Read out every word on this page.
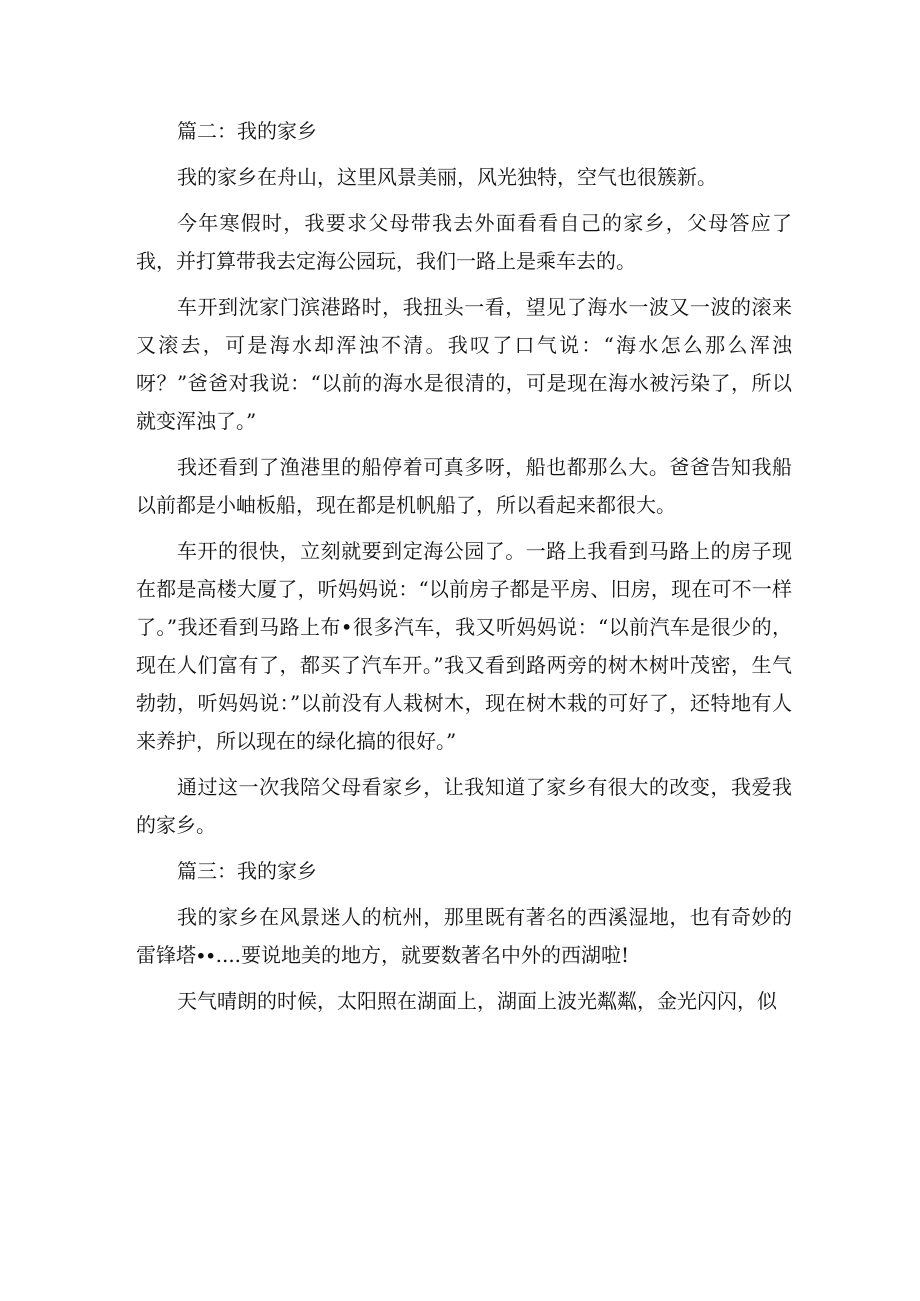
篇二：我的家乡

我的家乡在舟山，这里风景美丽，风光独特，空气也很簇新。

今年寒假时，我要求父母带我去外面看看自己的家乡，父母答应了我，并打算带我去定海公园玩，我们一路上是乘车去的。

车开到沈家门滨港路时，我扭头一看，望见了海水一波又一波的滚来又滚去，可是海水却浑浊不清。我叹了口气说：“海水怎么那么浑浊呀？”爸爸对我说：“以前的海水是很清的，可是现在海水被污染了，所以就变浑浊了。”

我还看到了渔港里的船停着可真多呀，船也都那么大。爸爸告知我船以前都是小岫板船，现在都是机帆船了，所以看起来都很大。

车开的很快，立刻就要到定海公园了。一路上我看到马路上的房子现在都是高楼大厦了，听妈妈说：“以前房子都是平房、旧房，现在可不一样了。”我还看到马路上布•很多汽车，我又听妈妈说：“以前汽车是很少的，现在人们富有了，都买了汽车开。”我又看到路两旁的树木树叶茂密，生气勃勃，听妈妈说：”以前没有人栽树木，现在树木栽的可好了，还特地有人来养护，所以现在的绿化搞的很好。”

通过这一次我陪父母看家乡，让我知道了家乡有很大的改变，我爱我的家乡。

篇三：我的家乡

我的家乡在风景迷人的杭州，那里既有著名的西溪湿地，也有奇妙的雷锋塔∙∙....要说地美的地方，就要数著名中外的西湖啦!

天气晴朗的时候，太阳照在湖面上，湖面上波光粼粼，金光闪闪，似
